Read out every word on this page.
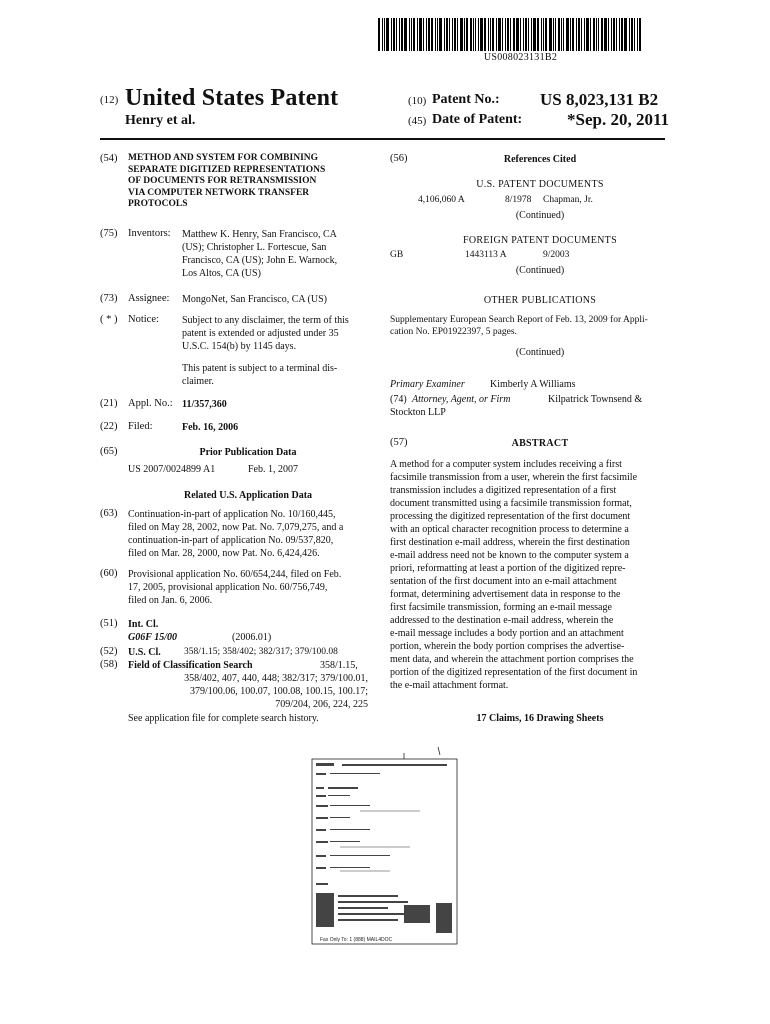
US008023131B2
(12) United States Patent
Henry et al.
(10) Patent No.: US 8,023,131 B2
(45) Date of Patent:	*Sep. 20, 2011
(54) METHOD AND SYSTEM FOR COMBINING
SEPARATE DIGITIZED REPRESENTATIONS
OF DOCUMENTS FOR RETRANSMISSION
VIA COMPUTER NETWORK TRANSFER
PROTOCOLS
(75) Inventors: Matthew K. Henry, San Francisco, CA
(US); Christopher L. Fortescue, San
Francisco, CA (US); John E. Warnock,
Los Altos, CA (US)
(73) Assignee: MongoNet, San Francisco, CA (US)
( * ) Notice: Subject to any disclaimer, the term of this
patent is extended or adjusted under 35
U.S.C. 154(b) by 1145 days.
This patent is subject to a terminal dis-
claimer.
(21) Appl. No.: 11/357,360
(22) Filed:	Feb. 16, 2006
(65)	Prior Publication Data
US 2007/0024899 A1	Feb. 1, 2007
Related U.S. Application Data
(63) Continuation-in-part of application No. 10/160,445,
filed on May 28, 2002, now Pat. No. 7,079,275, and a
continuation-in-part of application No. 09/537,820,
filed on Mar. 28, 2000, now Pat. No. 6,424,426.
(60) Provisional application No. 60/654,244, filed on Feb.
17, 2005, provisional application No. 60/756,749,
filed on Jan. 6, 2006.
(51) Int. Cl.
G06F 15/00	(2006.01)
(52) U.S. Cl. 358/1.15; 358/402; 382/317; 379/100.08
(58) Field of Classification Search	358/1.15,
358/402, 407, 440, 448; 382/317; 379/100.01,
379/100.06, 100.07, 100.08, 100.15, 100.17;
709/204, 206, 224, 225
See application file for complete search history.
(56)	References Cited
U.S. PATENT DOCUMENTS
4,106,060 A	8/1978 Chapman, Jr.
(Continued)
FOREIGN PATENT DOCUMENTS
GB	1443113 A	9/2003
(Continued)
OTHER PUBLICATIONS
Supplementary European Search Report of Feb. 13, 2009 for Appli-
cation No. EP01922397, 5 pages.
(Continued)
Primary Examiner	Kimberly A Williams
(74) Attorney, Agent, or Firm	Kilpatrick Townsend &
Stockton LLP
(57)	ABSTRACT
A method for a computer system includes receiving a first
facsimile transmission from a user, wherein the first facsimile
transmission includes a digitized representation of a first
document transmitted using a facsimile transmission format,
processing the digitized representation of the first document
with an optical character recognition process to determine a
first destination e-mail address, wherein the first destination
e-mail address need not be known to the computer system a
priori, reformatting at least a portion of the digitized repre-
sentation of the first document into an e-mail attachment
format, determining advertisement data in response to the
first facsimile transmission, forming an e-mail message
addressed to the destination e-mail address, wherein the
e-mail message includes a body portion and an attachment
portion, wherein the body portion comprises the advertise-
ment data, and wherein the attachment portion comprises the
portion of the digitized representation of the first document in
the e-mail attachment format.
17 Claims, 16 Drawing Sheets
Fax Only To: 1 (888) MAIL4DOC
